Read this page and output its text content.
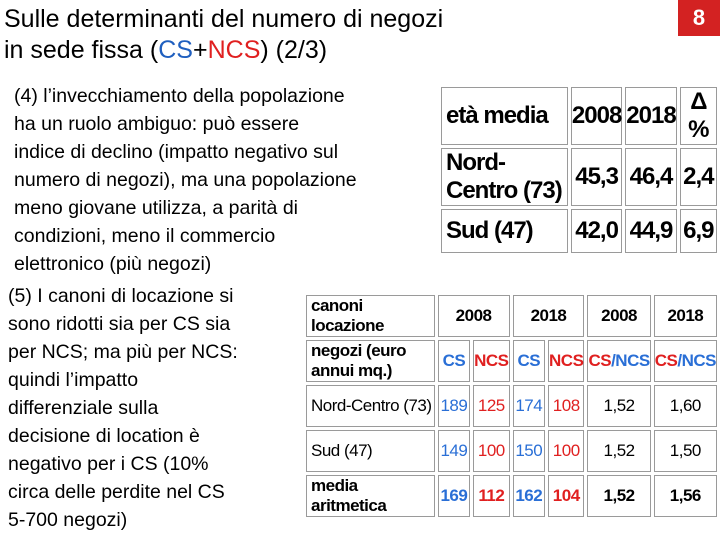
Sulle determinanti del numero di negozi
in sede fissa (CS+NCS) (2/3)
8
(4) l’invecchiamento della popolazione
ha un ruolo ambiguo: può essere
indice di declino (impatto negativo sul
numero di negozi), ma una popolazione
meno giovane utilizza, a parità di
condizioni, meno il commercio
elettronico (più negozi)
(5) I canoni di locazione si
sono ridotti sia per CS sia
per NCS; ma più per NCS:
quindi l’impatto
differenziale sulla
decisione di location è
negativo per i CS (10%
circa delle perdite nel CS
5-700 negozi)
età media	2008	2018	Δ %
Nord-Centro (73)	45,3	46,4	2,4
Sud (47)	42,0	44,9	6,9
canoni locazione	2008		2018		2008	2018
negozi (euro annui mq.)	CS	NCS	CS	NCS	CS/NCS	CS/NCS
Nord-Centro (73)	189	125	174	108	1,52	1,60
Sud (47)	149	100	150	100	1,52	1,50
media aritmetica	169	112	162	104	1,52	1,56
